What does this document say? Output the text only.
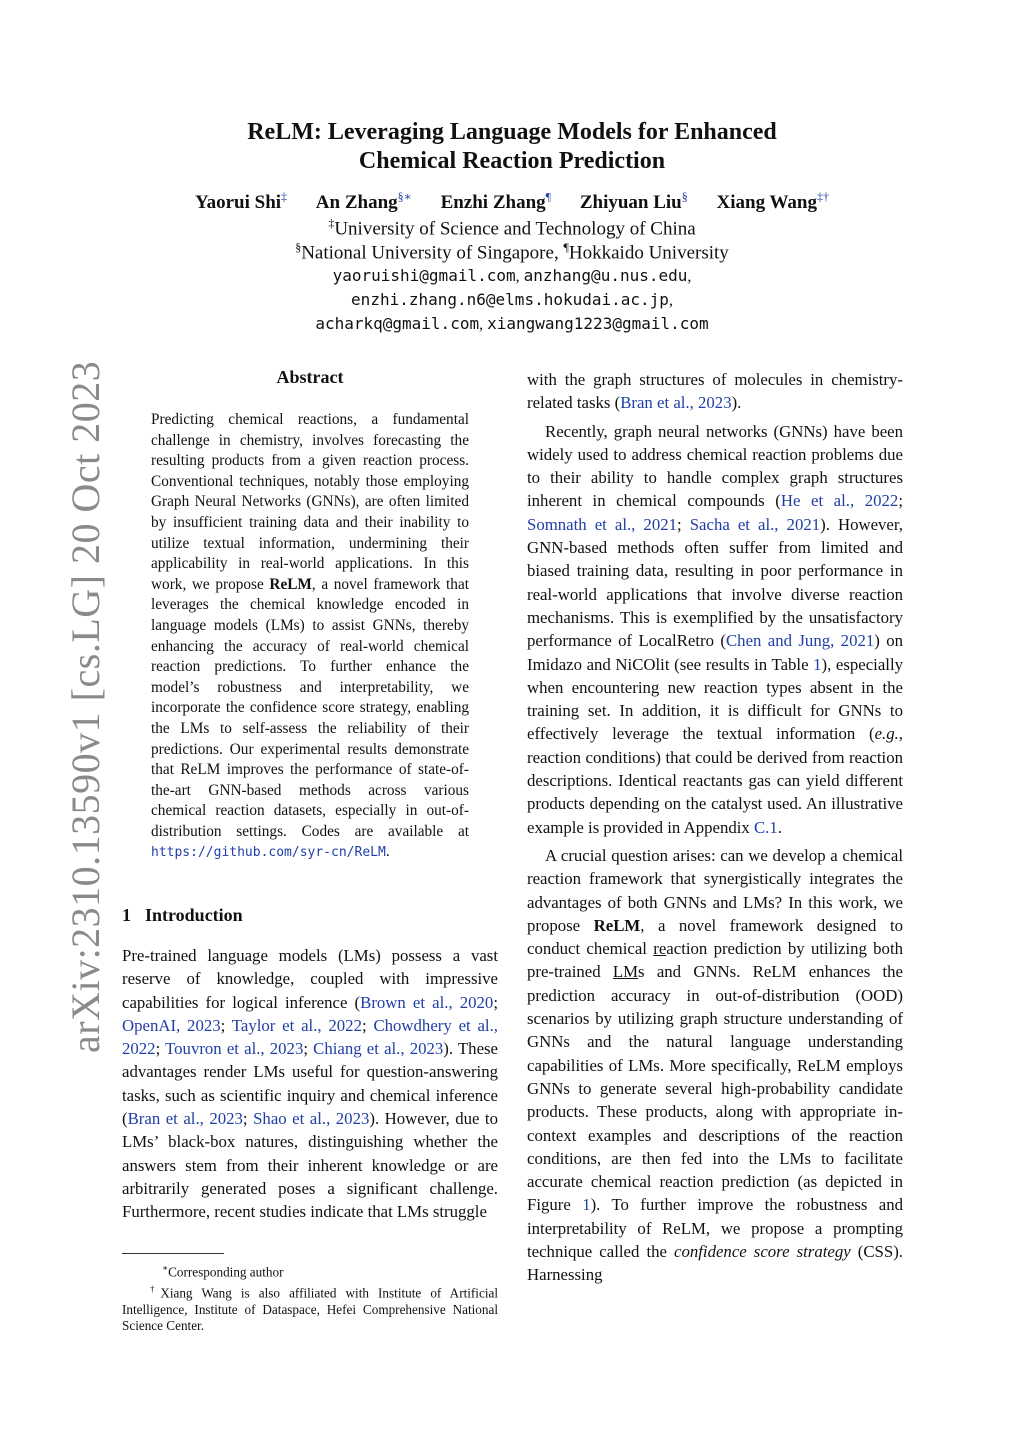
arXiv:2310.13590v1 [cs.LG] 20 Oct 2023
ReLM: Leveraging Language Models for Enhanced
Chemical Reaction Prediction
Yaorui Shi‡ An Zhang§∗ Enzhi Zhang¶ Zhiyuan Liu§ Xiang Wang‡†
‡University of Science and Technology of China
§National University of Singapore, ¶Hokkaido University
yaoruishi@gmail.com, anzhang@u.nus.edu,
enzhi.zhang.n6@elms.hokudai.ac.jp,
acharkq@gmail.com, xiangwang1223@gmail.com
Abstract
Predicting chemical reactions, a fundamental challenge in chemistry, involves forecasting the resulting products from a given reaction process. Conventional techniques, notably those employing Graph Neural Networks (GNNs), are often limited by insufficient training data and their inability to utilize textual information, undermining their applicability in real-world applications. In this work, we propose ReLM, a novel framework that leverages the chemical knowledge encoded in language models (LMs) to assist GNNs, thereby enhancing the accuracy of real-world chemical reaction predictions. To further enhance the model’s robustness and interpretability, we incorporate the confidence score strategy, enabling the LMs to self-assess the reliability of their predictions. Our experimental results demonstrate that ReLM improves the performance of state-of-the-art GNN-based methods across various chemical reaction datasets, especially in out-of-distribution settings. Codes are available at https://github.com/syr-cn/ReLM.
1 Introduction
Pre-trained language models (LMs) possess a vast reserve of knowledge, coupled with impressive capabilities for logical inference (Brown et al., 2020; OpenAI, 2023; Taylor et al., 2022; Chowdhery et al., 2022; Touvron et al., 2023; Chiang et al., 2023). These advantages render LMs useful for question-answering tasks, such as scientific inquiry and chemical inference (Bran et al., 2023; Shao et al., 2023). However, due to LMs’ black-box natures, distinguishing whether the answers stem from their inherent knowledge or are arbitrarily generated poses a significant challenge. Furthermore, recent studies indicate that LMs struggle
∗Corresponding author
†Xiang Wang is also affiliated with Institute of Artificial Intelligence, Institute of Dataspace, Hefei Comprehensive National Science Center.

with the graph structures of molecules in chemistry-related tasks (Bran et al., 2023).

Recently, graph neural networks (GNNs) have been widely used to address chemical reaction problems due to their ability to handle complex graph structures inherent in chemical compounds (He et al., 2022; Somnath et al., 2021; Sacha et al., 2021). However, GNN-based methods often suffer from limited and biased training data, resulting in poor performance in real-world applications that involve diverse reaction mechanisms. This is exemplified by the unsatisfactory performance of LocalRetro (Chen and Jung, 2021) on Imidazo and NiCOlit (see results in Table 1), especially when encountering new reaction types absent in the training set. In addition, it is difficult for GNNs to effectively leverage the textual information (e.g., reaction conditions) that could be derived from reaction descriptions. Identical reactants gas can yield different products depending on the catalyst used. An illustrative example is provided in Appendix C.1.

A crucial question arises: can we develop a chemical reaction framework that synergistically integrates the advantages of both GNNs and LMs? In this work, we propose ReLM, a novel framework designed to conduct chemical reaction prediction by utilizing both pre-trained LMs and GNNs. ReLM enhances the prediction accuracy in out-of-distribution (OOD) scenarios by utilizing graph structure understanding of GNNs and the natural language understanding capabilities of LMs. More specifically, ReLM employs GNNs to generate several high-probability candidate products. These products, along with appropriate in-context examples and descriptions of the reaction conditions, are then fed into the LMs to facilitate accurate chemical reaction prediction (as depicted in Figure 1). To further improve the robustness and interpretability of ReLM, we propose a prompting technique called the confidence score strategy (CSS). Harnessing
